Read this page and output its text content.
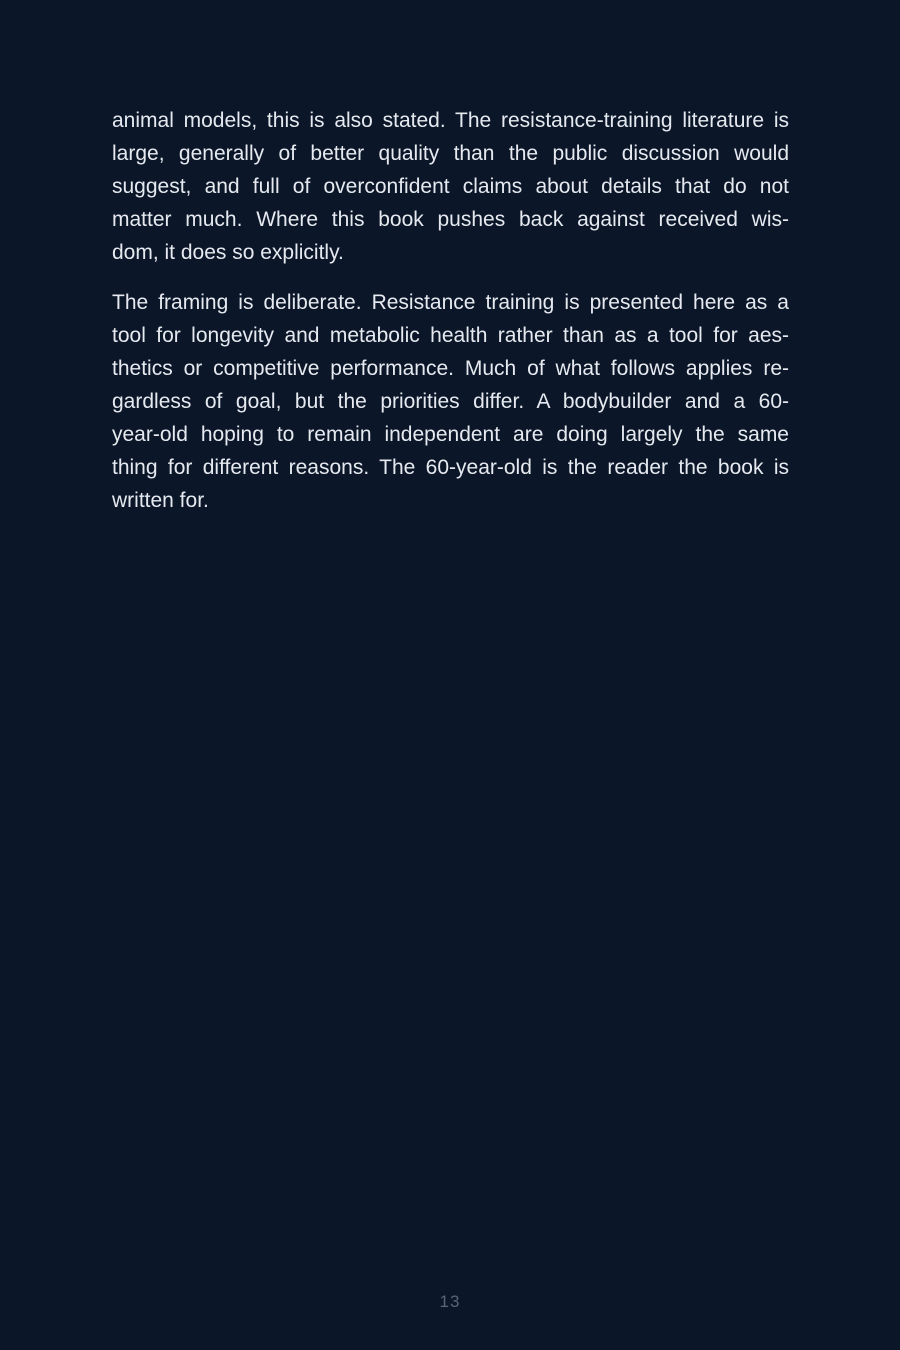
animal models, this is also stated. The resistance-training literature is
large, generally of better quality than the public discussion would
suggest, and full of overconfident claims about details that do not
matter much. Where this book pushes back against received wis-
dom, it does so explicitly.

The framing is deliberate. Resistance training is presented here as a
tool for longevity and metabolic health rather than as a tool for aes-
thetics or competitive performance. Much of what follows applies re-
gardless of goal, but the priorities differ. A bodybuilder and a 60-
year-old hoping to remain independent are doing largely the same
thing for different reasons. The 60-year-old is the reader the book is
written for.

13
